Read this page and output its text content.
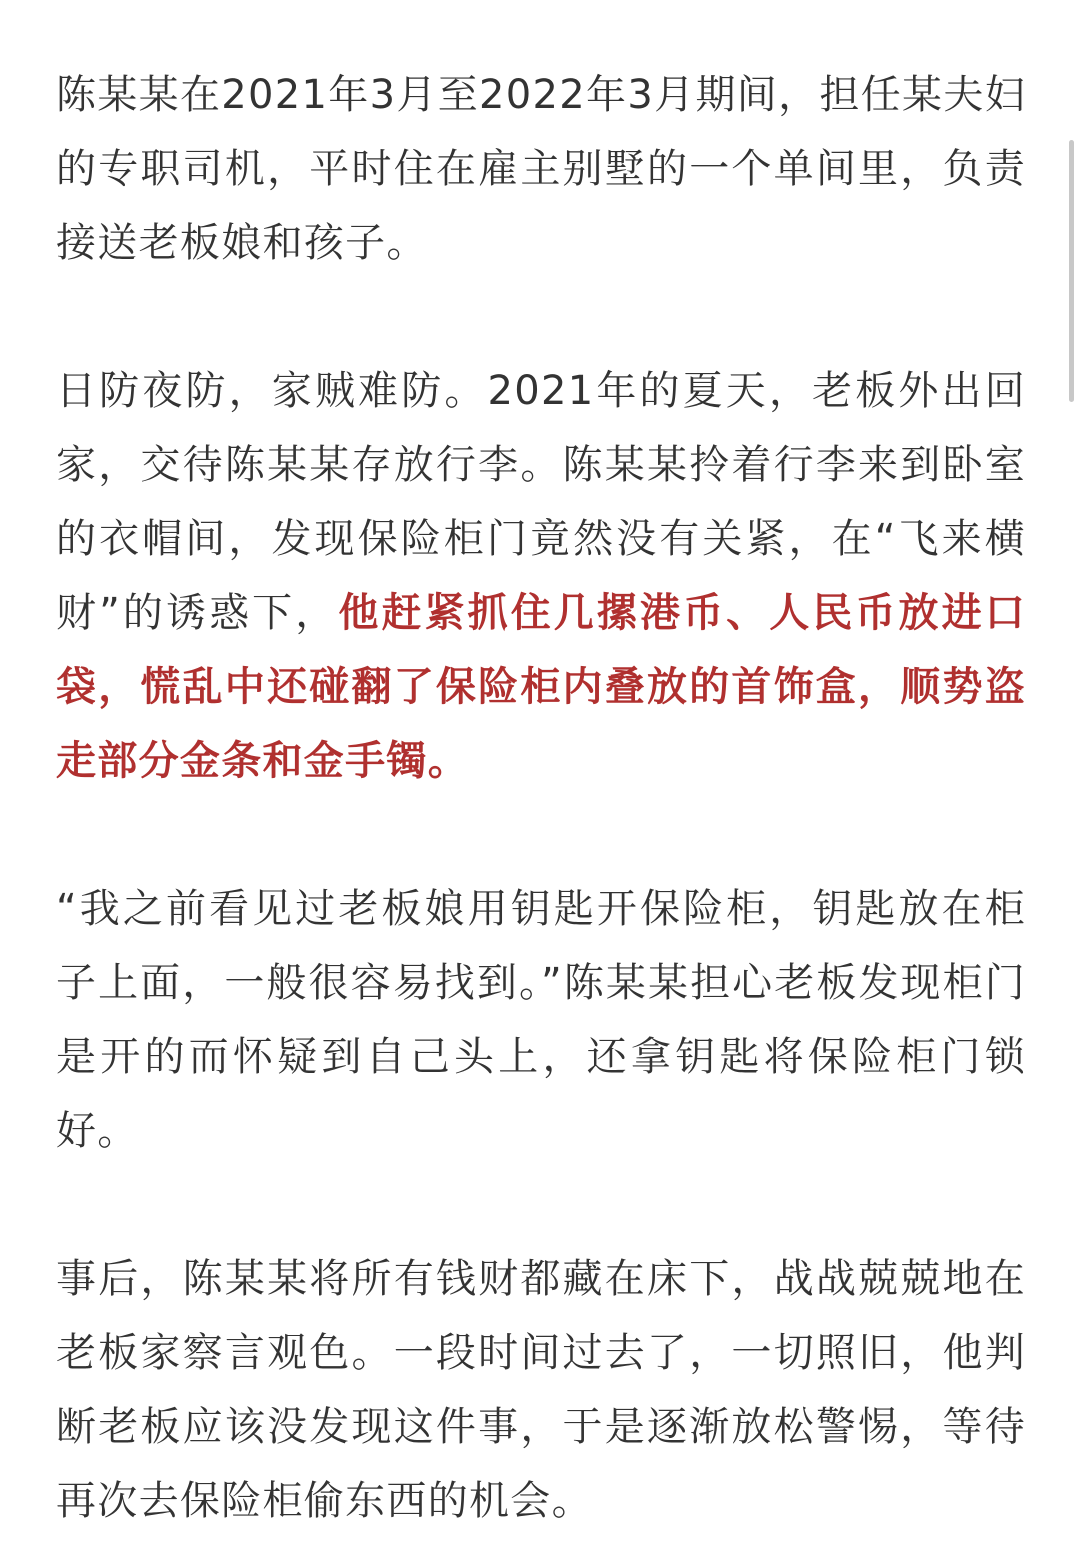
陈某某在2021年3月至2022年3月期间，担任某夫妇的专职司机，平时住在雇主别墅的一个单间里，负责接送老板娘和孩子。

日防夜防，家贼难防。2021年的夏天，老板外出回家，交待陈某某存放行李。陈某某拎着行李来到卧室的衣帽间，发现保险柜门竟然没有关紧，在“飞来横财”的诱惑下，他赶紧抓住几摞港币、人民币放进口袋，慌乱中还碰翻了保险柜内叠放的首饰盒，顺势盗走部分金条和金手镯。

“我之前看见过老板娘用钥匙开保险柜，钥匙放在柜子上面，一般很容易找到。”陈某某担心老板发现柜门是开的而怀疑到自己头上，还拿钥匙将保险柜门锁好。

事后，陈某某将所有钱财都藏在床下，战战兢兢地在老板家察言观色。一段时间过去了，一切照旧，他判断老板应该没发现这件事，于是逐渐放松警惕，等待再次去保险柜偷东西的机会。
